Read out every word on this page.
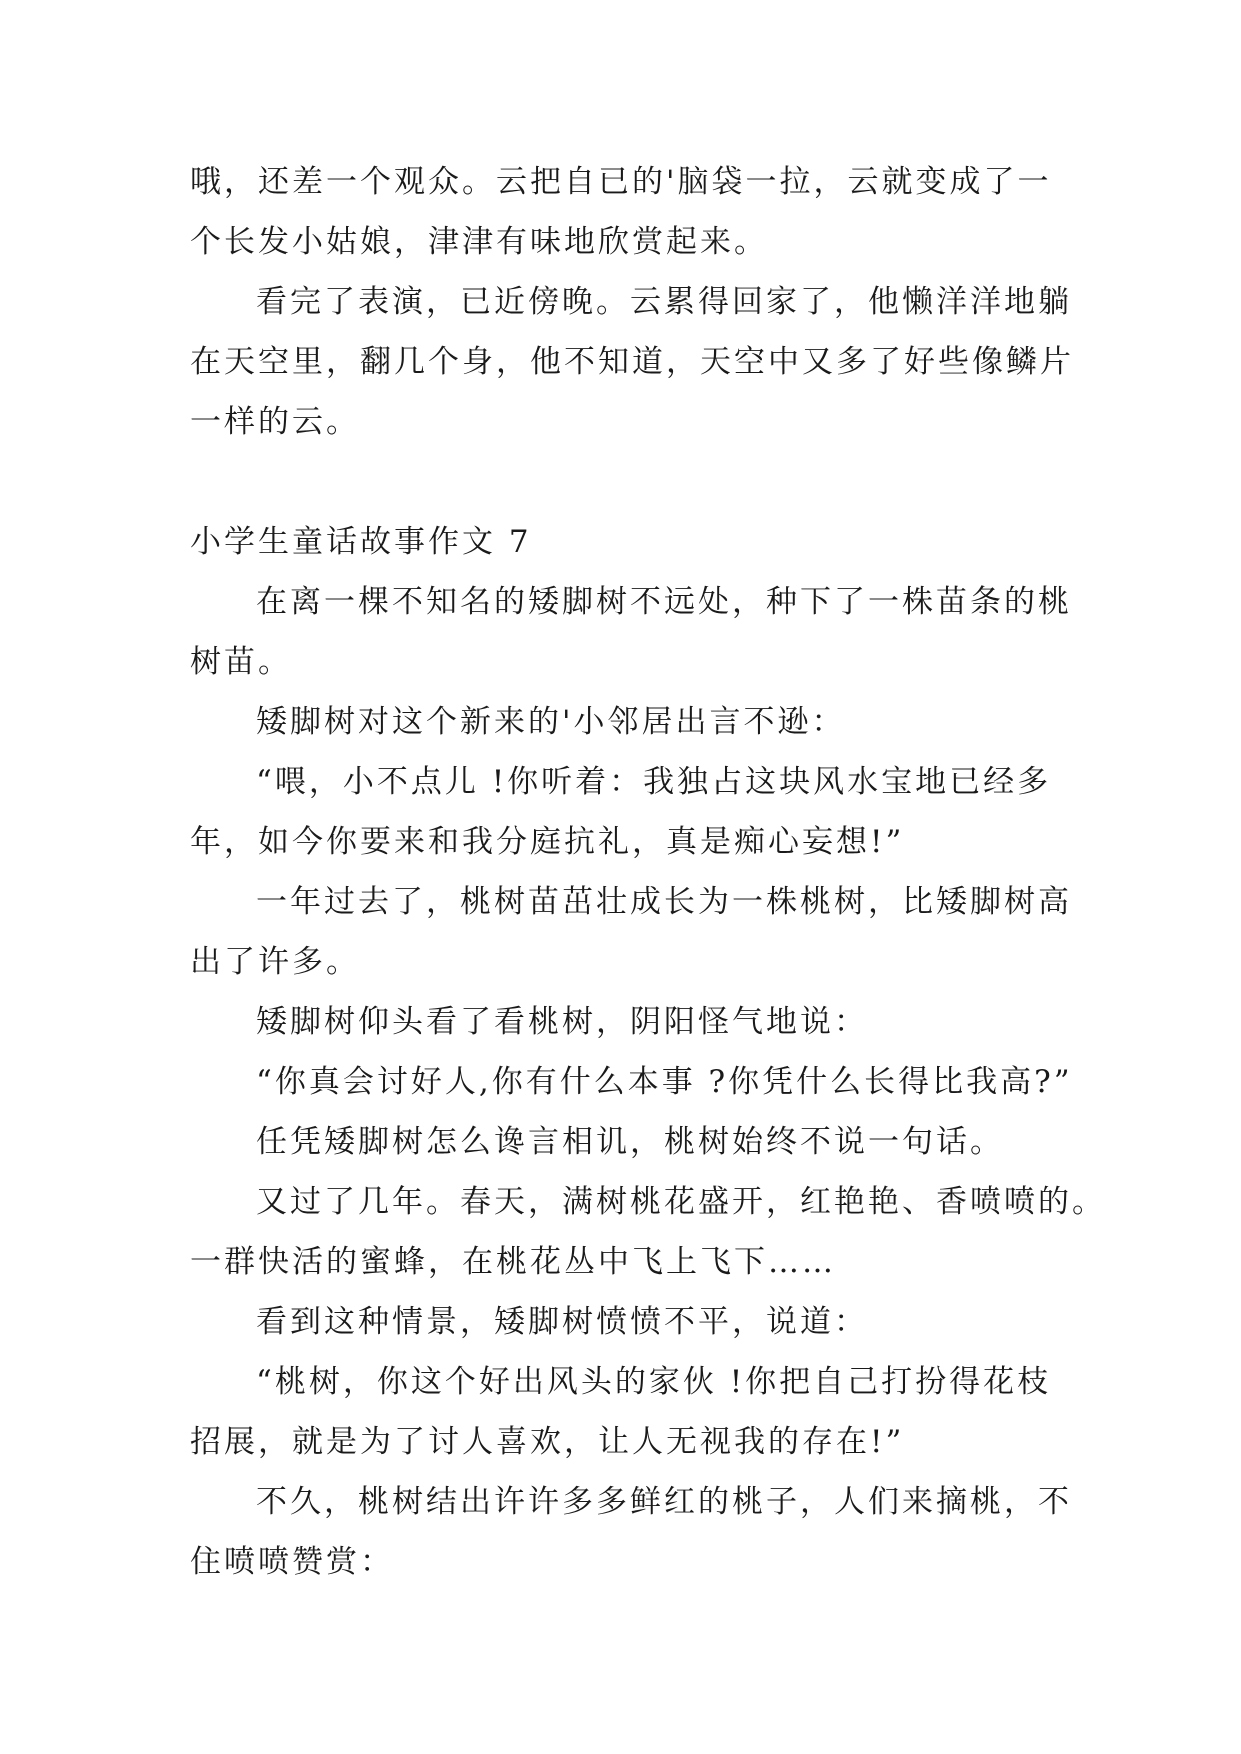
哦，还差一个观众。云把自已的'脑袋一拉，云就变成了一
个长发小姑娘，津津有味地欣赏起来。
看完了表演，已近傍晚。云累得回家了，他懒洋洋地躺
在天空里，翻几个身，他不知道，天空中又多了好些像鳞片
一样的云。
小学生童话故事作文 7
在离一棵不知名的矮脚树不远处，种下了一株苗条的桃
树苗。
矮脚树对这个新来的'小邻居出言不逊：
“喂，小不点儿 !你听着：我独占这块风水宝地已经多
年，如今你要来和我分庭抗礼，真是痴心妄想!”
一年过去了，桃树苗茁壮成长为一株桃树，比矮脚树高
出了许多。
矮脚树仰头看了看桃树，阴阳怪气地说：
“你真会讨好人,你有什么本事 ?你凭什么长得比我高?”
任凭矮脚树怎么谗言相讥，桃树始终不说一句话。
又过了几年。春天，满树桃花盛开，红艳艳、香喷喷的。
一群快活的蜜蜂，在桃花丛中飞上飞下……
看到这种情景，矮脚树愤愤不平，说道：
“桃树，你这个好出风头的家伙 !你把自己打扮得花枝
招展，就是为了讨人喜欢，让人无视我的存在!”
不久，桃树结出许许多多鲜红的桃子，人们来摘桃，不
住喷喷赞赏：
